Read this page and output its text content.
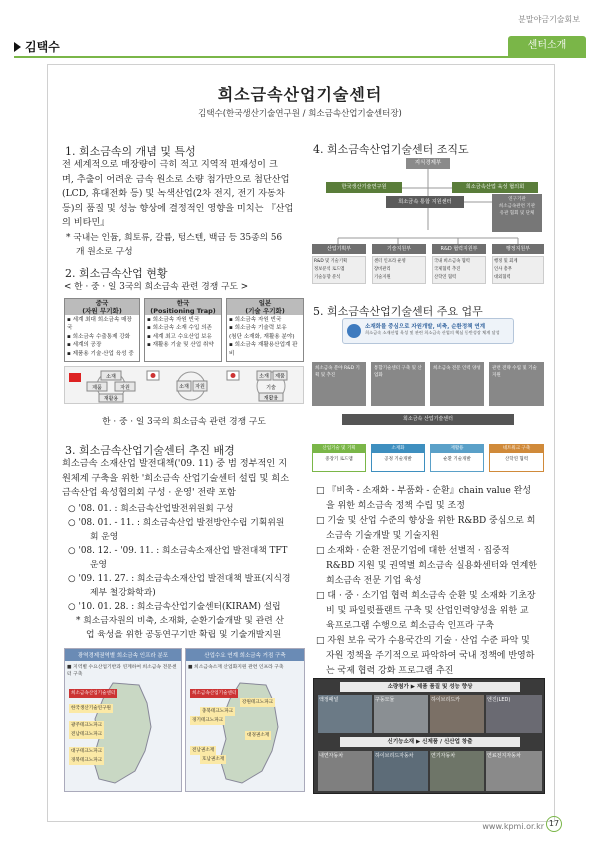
분말야금기술회보
김택수	센터소개
희소금속산업기술센터
김택수(한국생산기술연구원 / 희소금속산업기술센터장)
1. 희소금속의 개념 및 특성
전 세계적으로 매장량이 극히 적고 지역적 편재성이 크
며, 추출이 어려운 금속 원소로 소량 첨가만으로 첨단산업
(LCD, 휴대전화 등) 및 녹색산업(2차 전지, 전기 자동차
등)의 품질 및 성능 향상에 결정적인 영향을 미치는 『산업
의 비타민』
* 국내는 인듐, 희토류, 갈륨, 텅스텐, 백금 등 35종의 56
개 원소로 구성
2. 희소금속산업 현황
< 한 · 중 · 일 3국의 희소금속 관련 경쟁 구도 >
중국
(자원 무기화)
▪ 세계 최대 희소금속 매장국
▪ 희소금속 수출통제 강화
▪ 세계의 공장
▪ 제품용 기술·산업 육성 중
한국
(Positioning Trap)
▪ 희소금속 자원 빈국
▪ 희소금속 소재 수입 의존
▪ 세계 최고 수요산업 보유
▪ 재활용 기술 및 산업 취약
일본
(기술 우기화)
▪ 희소금속 자원 빈국
▪ 희소금속 기술력 보유
(첨단 소재화, 재활용 분야)
▪ 희소금속 재활용산업계 판비
소재
제품	자원
재활용
소재 자원
소재 제품
재활용
기술
한 · 중 · 일 3국의 희소금속 관련 경쟁 구도
3. 희소금속산업기술센터 추진 배경
희소금속 소재산업 발전대책('09. 11) 중 범 정부적인 지
원체계 구축을 위한 '희소금속 산업기술센터 설립 및 희소
금속산업 육성협의회 구성 · 운영' 전략 포함
○ '08. 01. : 희소금속산업발전위원회 구성
○ '08. 01. - 11. : 희소금속산업 발전방안수립 기획위원
회 운영
○ '08. 12. - '09. 11. : 희소금속소재산업 발전대책 TFT
운영
○ '09. 11. 27. : 희소금속소재산업 발전대책 발표(지식경
제부 철강화학과)
○ '10. 01. 28. : 희소금속산업기술센터(KIRAM) 설립
* 희소금자원의 비축, 소재화, 순환기술개발 및 관련 산
업 육성을 위한 공동연구기반 확립 및 기술개발지원
광역경제권역별 희소금속 인프라 분포
■ 지역별 수요산업기반과 연계하여 희소금속 전문센터 구축
희소금속산업기술센터
한국생산기술연구원
광주테크노파크
전남테크노파크
대구테크노파크
경북테크노파크
산업수요 연계 희소금속 거점 구축
■ 희소금속소재 산업화지원 관련 인프라 구축
희소금속산업기술센터
강원테크노파크
충북테크노파크
경기테크노파크
대경권소재
전남권소재
호남권소재
4. 희소금속산업기술센터 조직도
지식경제부
한국생산기술연구원	희소금속산업 육성 협의회
희소금속 통합 지원센터	연구기관
희소금속관련 기관
유관 협회 및 단체
산업기획부	기술지원부	R&D 협력지원부	행정지원부
R&D 및 기술기획
정보분석 로드맵
기술동향 분석
센터 인프라 운영
장비관리
기술지원
국내 희소금속 협력
국제협력 추진
산학연 협력
행정 및 회계
인사 총무
대외협력
5. 희소금속산업기술센터 주요 업무
소재화를 중심으로 자원개발, 비축, 순환정책 연계
희소금속 소재산업 육성 및 관련 희소금속 산업의 핵심 동반성장 체계 달성
희소금속 분야 R&D 기획 및 추진
통합기술센터 구축 및 산업화
희소금속 전문 인력 양성	관련 전략 수립 및 기술 지원
희소금속 산업기술센터
산업기술 및 기획
중장기 로드맵
소재화
공정 기술개발
재활용
순환 기술개발
네트워크 구축
산학연 협력
□ 『비축 - 소재화 - 부품화 - 순환』chain value 완성
을 위한 희소금속 정책 수립 및 조정
□ 기술 및 산업 수준의 향상을 위한 R&BD 중심으로 희
소금속 기술개발 및 기술지원
□ 소재화 · 순환 전문기업에 대한 선별적 · 집중적
R&BD 지원 및 권역별 희소금속 실용화센터와 연계한
희소금속 전문 기업 육성
□ 대 · 중 · 소기업 협력 희소금속 순환 및 소재화 기초장
비 및 파일럿플랜트 구축 및 산업인력양성을 위한 교
육프로그램 수행으로 희소금속 인프라 구축
□ 자원 보유 국가 수용국간의 기술 · 산업 수준 파악 및
자원 정책을 주기적으로 파악하여 국내 정책에 반영하
는 국제 협력 강화 프로그램 추진
소량첨가 ▶ 제품 품질 및 성능 향상
액정패널	구동모듈	하이브리드카	엔진(LED)
신기능소재 ▶ 신제품 / 신산업 창출
내연자동차	하이브리드자동차	연기자동차	연료전지자동차
www.kpmi.or.kr 17
